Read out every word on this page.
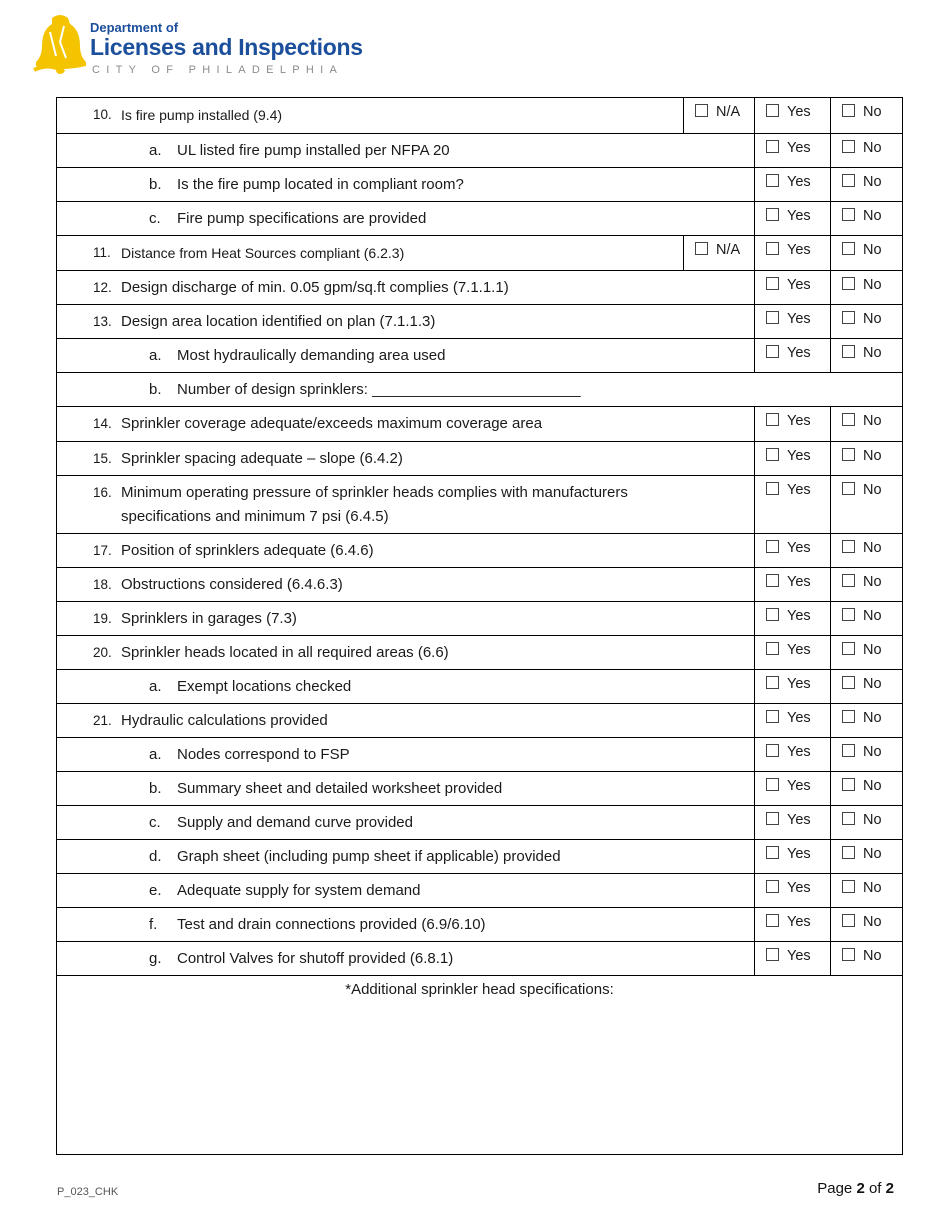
Department of
Licenses and Inspections
CITY OF PHILADELPHIA
10. Is fire pump installed (9.4)	N/A	Yes	No
a. UL listed fire pump installed per NFPA 20		Yes	No
b. Is the fire pump located in compliant room?		Yes	No
c. Fire pump specifications are provided		Yes	No
11. Distance from Heat Sources compliant (6.2.3)	N/A	Yes	No
12. Design discharge of min. 0.05 gpm/sq.ft complies (7.1.1.1)		Yes	No
13. Design area location identified on plan (7.1.1.3)		Yes	No
a. Most hydraulically demanding area used		Yes	No
b. Number of design sprinklers: _________________________			
14. Sprinkler coverage adequate/exceeds maximum coverage area		Yes	No
15. Sprinkler spacing adequate – slope (6.4.2)		Yes	No
16. Minimum operating pressure of sprinkler heads complies with manufacturers specifications and minimum 7 psi (6.4.5)		Yes	No
17.Position of sprinklers adequate (6.4.6)		Yes	No
18. Obstructions considered (6.4.6.3)		Yes	No
19. Sprinklers in garages (7.3)		Yes	No
20. Sprinkler heads located in all required areas (6.6)		Yes	No
a. Exempt locations checked		Yes	No
21. Hydraulic calculations provided		Yes	No
a. Nodes correspond to FSP		Yes	No
b. Summary sheet and detailed worksheet provided		Yes	No
c. Supply and demand curve provided		Yes	No
d. Graph sheet (including pump sheet if applicable) provided		Yes	No
e. Adequate supply for system demand		Yes	No
f. Test and drain connections provided (6.9/6.10)		Yes	No
g. Control Valves for shutoff provided (6.8.1)		Yes	No
*Additional sprinkler head specifications:			
P_023_CHK	Page 2 of 2
